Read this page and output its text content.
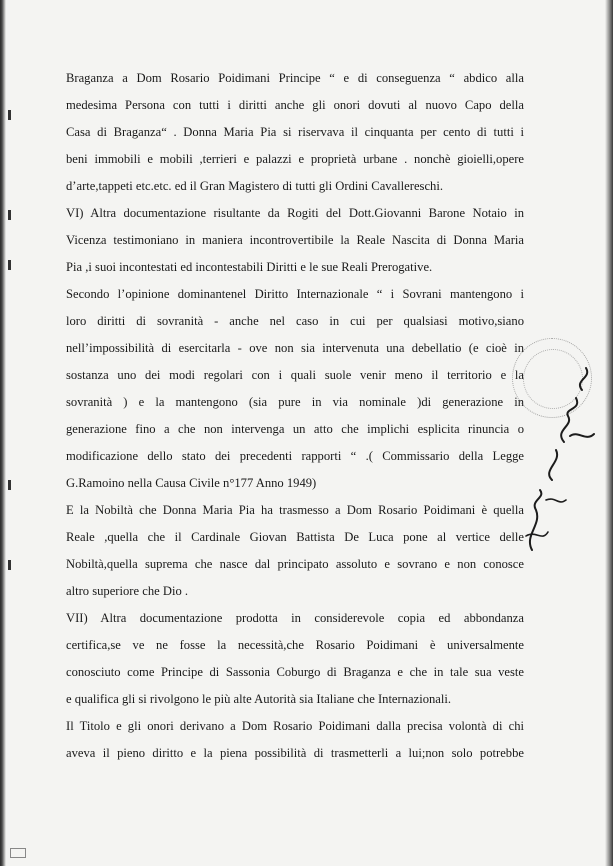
Braganza a Dom Rosario Poidimani Principe “ e di conseguenza “ abdico alla

medesima Persona con tutti i diritti anche gli onori dovuti al nuovo Capo della

Casa di Braganza“ . Donna Maria Pia si riservava il cinquanta per cento di tutti i

beni immobili e mobili ,terrieri e palazzi e proprietà urbane . nonchè gioielli,opere

d’arte,tappeti etc.etc. ed il Gran Magistero di tutti gli Ordini Cavallereschi.

VI) Altra documentazione risultante da Rogiti del Dott.Giovanni Barone Notaio in

Vicenza testimoniano in maniera incontrovertibile la Reale Nascita di Donna Maria

Pia ,i suoi incontestati ed incontestabili Diritti e le sue Reali Prerogative.

Secondo l’opinione dominantenel Diritto Internazionale “ i Sovrani mantengono i

loro diritti di sovranità - anche nel caso in cui per qualsiasi motivo,siano

nell’impossibilità di esercitarla - ove non sia intervenuta una debellatio (e cioè in

sostanza uno dei modi regolari con i quali suole venir meno il territorio e la

sovranità ) e la mantengono (sia pure in via nominale )di generazione in

generazione fino a che non intervenga un atto che implichi esplicita rinuncia o

modificazione dello stato dei precedenti rapporti “ .( Commissario della Legge

G.Ramoino nella Causa Civile n°177 Anno 1949)

E la Nobiltà che Donna Maria Pia ha trasmesso a Dom Rosario Poidimani è quella

Reale ,quella che il Cardinale Giovan Battista De Luca pone al vertice delle

Nobiltà,quella suprema che nasce dal principato assoluto e sovrano e non conosce

altro superiore che Dio .

VII) Altra documentazione prodotta in considerevole copia ed abbondanza

certifica,se ve ne fosse la necessità,che Rosario Poidimani è universalmente

conosciuto come Principe di Sassonia Coburgo di Braganza e che in tale sua veste

e qualifica gli si rivolgono le più alte Autorità sia Italiane che Internazionali.

Il Titolo e gli onori derivano a Dom Rosario Poidimani dalla precisa volontà di chi

aveva il pieno diritto e la piena possibilità di trasmetterli a lui;non solo potrebbe
